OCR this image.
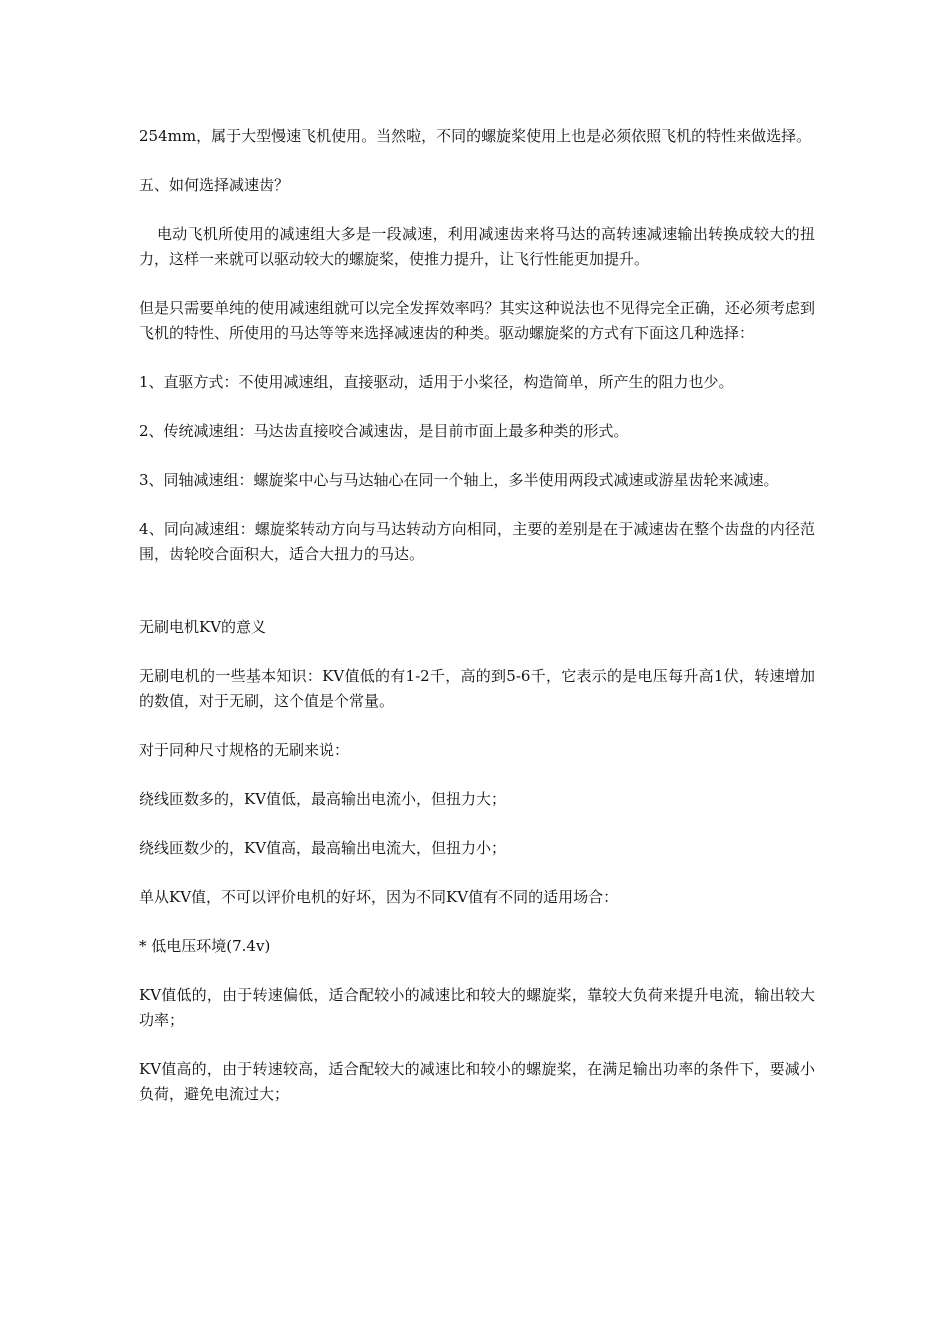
254mm，属于大型慢速飞机使用。当然啦，不同的螺旋桨使用上也是必须依照飞机的特性来做选择。

五、如何选择减速齿？

电动飞机所使用的减速组大多是一段减速，利用减速齿来将马达的高转速减速输出转换成较大的扭力，这样一来就可以驱动较大的螺旋桨，使推力提升，让飞行性能更加提升。

但是只需要单纯的使用减速组就可以完全发挥效率吗？其实这种说法也不见得完全正确，还必须考虑到飞机的特性、所使用的马达等等来选择减速齿的种类。驱动螺旋桨的方式有下面这几种选择：

1、直驱方式：不使用减速组，直接驱动，适用于小桨径，构造简单，所产生的阻力也少。

2、传统减速组：马达齿直接咬合减速齿，是目前市面上最多种类的形式。

3、同轴减速组：螺旋桨中心与马达轴心在同一个轴上，多半使用两段式减速或游星齿轮来减速。

4、同向减速组：螺旋桨转动方向与马达转动方向相同，主要的差别是在于减速齿在整个齿盘的内径范围，齿轮咬合面积大，适合大扭力的马达。

无刷电机KV的意义

无刷电机的一些基本知识：KV值低的有1-2千，高的到5-6千，它表示的是电压每升高1伏，转速增加的数值，对于无刷，这个值是个常量。

对于同种尺寸规格的无刷来说：

绕线匝数多的，KV值低，最高输出电流小，但扭力大；

绕线匝数少的，KV值高，最高输出电流大，但扭力小；

单从KV值，不可以评价电机的好坏，因为不同KV值有不同的适用场合：

* 低电压环境(7.4v)

KV值低的，由于转速偏低，适合配较小的减速比和较大的螺旋桨，靠较大负荷来提升电流，输出较大功率；

KV值高的，由于转速较高，适合配较大的减速比和较小的螺旋桨，在满足输出功率的条件下，要减小负荷，避免电流过大；
